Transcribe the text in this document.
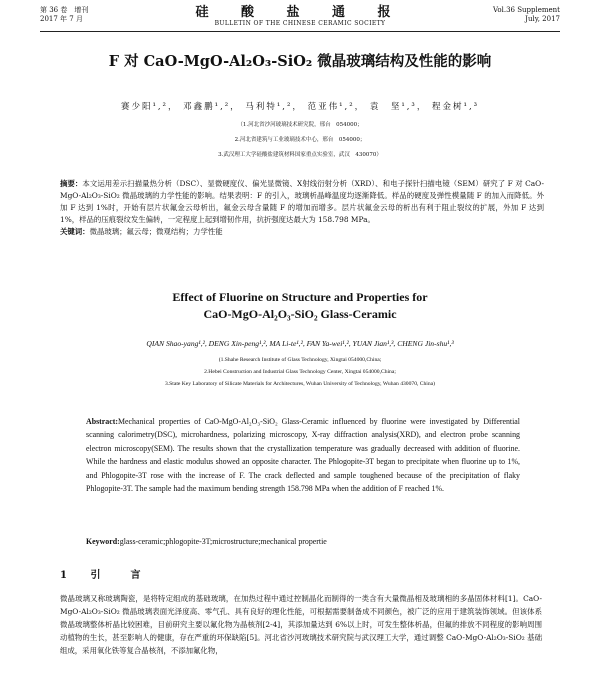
第 36 卷　增刊
2017 年 7 月	硅 酸 盐 通 报
BULLETIN OF THE CHINESE CERAMIC SOCIETY
Vol.36 Supplement
July, 2017
F 对 CaO-MgO-Al₂O₃-SiO₂ 微晶玻璃结构及性能的影响
赛少阳¹,²， 邓鑫鹏¹,²， 马利特¹,²， 范亚伟¹,²， 袁　坚¹,³， 程金树¹,³
（1.河北省沙河玻璃技术研究院，邢台　054000；
2.河北省建筑与工业玻璃技术中心，邢台　054000；
3.武汉理工大学硅酸盐建筑材料国家重点实验室，武汉　430070）
摘要：本文运用差示扫描量热分析（DSC）、显微硬度仪、偏光显微镜、X射线衍射分析（XRD）、和电子探针扫描电镜（SEM）研究了 F 对 CaO-MgO-Al₂O₃-SiO₂ 微晶玻璃的力学性能的影响。结果表明：F 的引入，玻璃析晶峰温度均逐渐降低。样品的硬度及弹性模量随 F 的加入而降低。外加 F 达到 1%时，开始有层片状氟金云母析出，氟金云母含量随 F 的增加而增多。层片状氟金云母的析出有利于阻止裂纹的扩展，外加 F 达到 1%，样品的压痕裂纹发生偏转，一定程度上起到增韧作用，抗折强度达最大为 158.798 MPa。
关键词：微晶玻璃；氟云母；微观结构；力学性能
Effect of Fluorine on Structure and Properties for
CaO-MgO-Al₂O₃-SiO₂ Glass-Ceramic
QIAN Shao-yang¹,², DENG Xin-peng¹,², MA Li-te¹,², FAN Ya-wei¹,², YUAN Jian¹,³, CHENG Jin-shu¹,³
(1.Shahe Research Institute of Glass Technology, Xingtai 054000,China;
2.Hebei Construction and Industrial Glass Technology Center, Xingtai 054000,China;
3.State Key Laboratory of Silicate Materials for Architectures, Wuhan University of Technology, Wuhan 430070, China)
Abstract:Mechanical properties of CaO-MgO-Al₂O₃-SiO₂ Glass-Ceramic influenced by fluorine were investigated by Differential scanning calorimetry(DSC), microhardness, polarizing microscopy, X-ray diffraction analysis(XRD), and electron probe scanning electron microscopy(SEM). The results shown that the crystallization temperature was gradually decreased with addition of fluorine. While the hardness and elastic modulus showed an opposite character. The Phlogopite-3T began to precipitate when fluorine up to 1%, and Phlogopite-3T rose with the increase of F. The crack deflected and sample toughened because of the precipitation of flaky Phlogopite-3T. The sample had the maximum bending strength 158.798 MPa when the addition of F reached 1%.
Keyword:glass-ceramic;phlogopite-3T;microstructure;mechanical propertie
1 引　言
微晶玻璃又称玻璃陶瓷，是将特定组成的基础玻璃，在加热过程中通过控制晶化而制得的一类含有大量微晶相及玻璃相的多晶固体材料[1]。CaO-MgO-Al₂O₃-SiO₂ 微晶玻璃表面光泽度高、零气孔、具有良好的理化性能，可根据需要制备成不同颜色，被广泛的应用于建筑装饰领域。但该体系微晶玻璃整体析晶比较困难，目前研究主要以氟化物为晶核剂[2-4]，其添加量达到 6%以上时，可发生整体析晶，但氟的排放不同程度的影响周围动植物的生长，甚至影响人的健康，存在严重的环保缺陷[5]。河北省沙河玻璃技术研究院与武汉理工大学，通过调整 CaO-MgO-Al₂O₃-SiO₂ 基础组成，采用氧化铁等复合晶核剂，不添加氟化物，
